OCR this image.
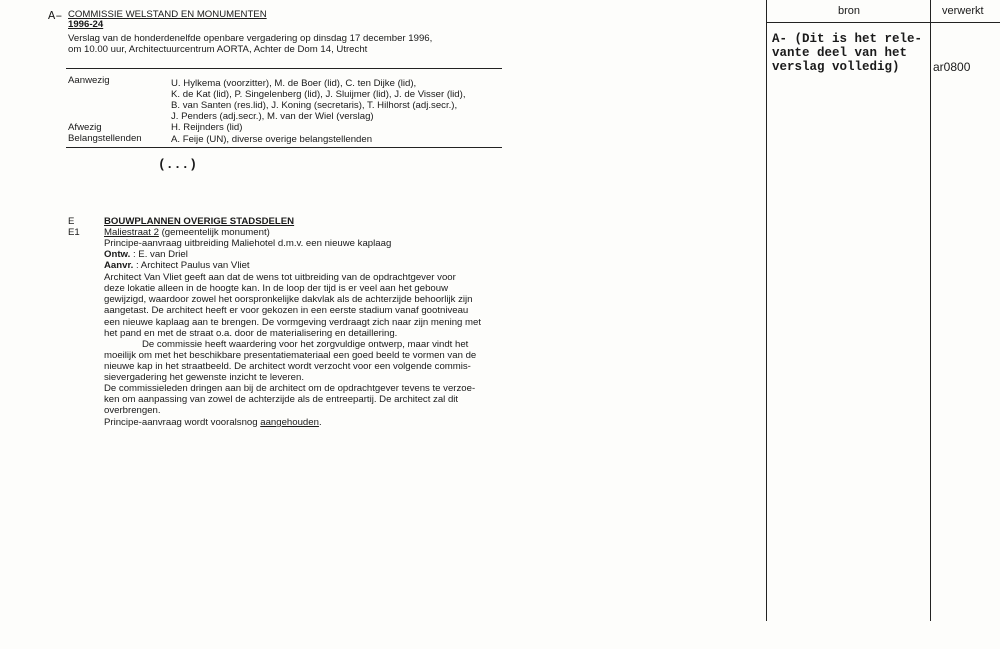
A– COMMISSIE WELSTAND EN MONUMENTEN
1996-24
Verslag van de honderdenelfde openbare vergadering op dinsdag 17 december 1996,
om 10.00 uur, Architectuurcentrum AORTA, Achter de Dom 14, Utrecht
Aanwezig	U. Hylkema (voorzitter), M. de Boer (lid), C. ten Dijke (lid),
K. de Kat (lid), P. Singelenberg (lid), J. Sluijmer (lid), J. de Visser (lid),
B. van Santen (res.lid), J. Koning (secretaris), T. Hilhorst (adj.secr.),
J. Penders (adj.secr.), M. van der Wiel (verslag)
Afwezig	H. Reijnders (lid)
Belangstellenden	A. Feije (UN), diverse overige belangstellenden
(...)
E	BOUWPLANNEN OVERIGE STADSDELEN
E1	Maliestraat 2 (gemeentelijk monument)
Principe-aanvraag uitbreiding Maliehotel d.m.v. een nieuwe kaplaag
Ontw. : E. van Driel
Aanvr. : Architect Paulus van Vliet
Architect Van Vliet geeft aan dat de wens tot uitbreiding van de opdrachtgever voor
deze lokatie alleen in de hoogte kan. In de loop der tijd is er veel aan het gebouw
gewijzigd, waardoor zowel het oorspronkelijke dakvlak als de achterzijde behoorlijk zijn
aangetast. De architect heeft er voor gekozen in een eerste stadium vanaf gootniveau
een nieuwe kaplaag aan te brengen. De vormgeving verdraagt zich naar zijn mening met
het pand en met de straat o.a. door de materialisering en detaillering.
De commissie heeft waardering voor het zorgvuldige ontwerp, maar vindt het
moeilijk om met het beschikbare presentatiemateriaal een goed beeld te vormen van de
nieuwe kap in het straatbeeld. De architect wordt verzocht voor een volgende commis-
sievergadering het gewenste inzicht te leveren.
De commissieleden dringen aan bij de architect om de opdrachtgever tevens te verzoe-
ken om aanpassing van zowel de achterzijde als de entreepartij. De architect zal dit
overbrengen.
Principe-aanvraag wordt vooralsnog aangehouden.
bron	verwerkt
A- (Dit is het rele-
vante deel van het
verslag volledig)	ar0800
